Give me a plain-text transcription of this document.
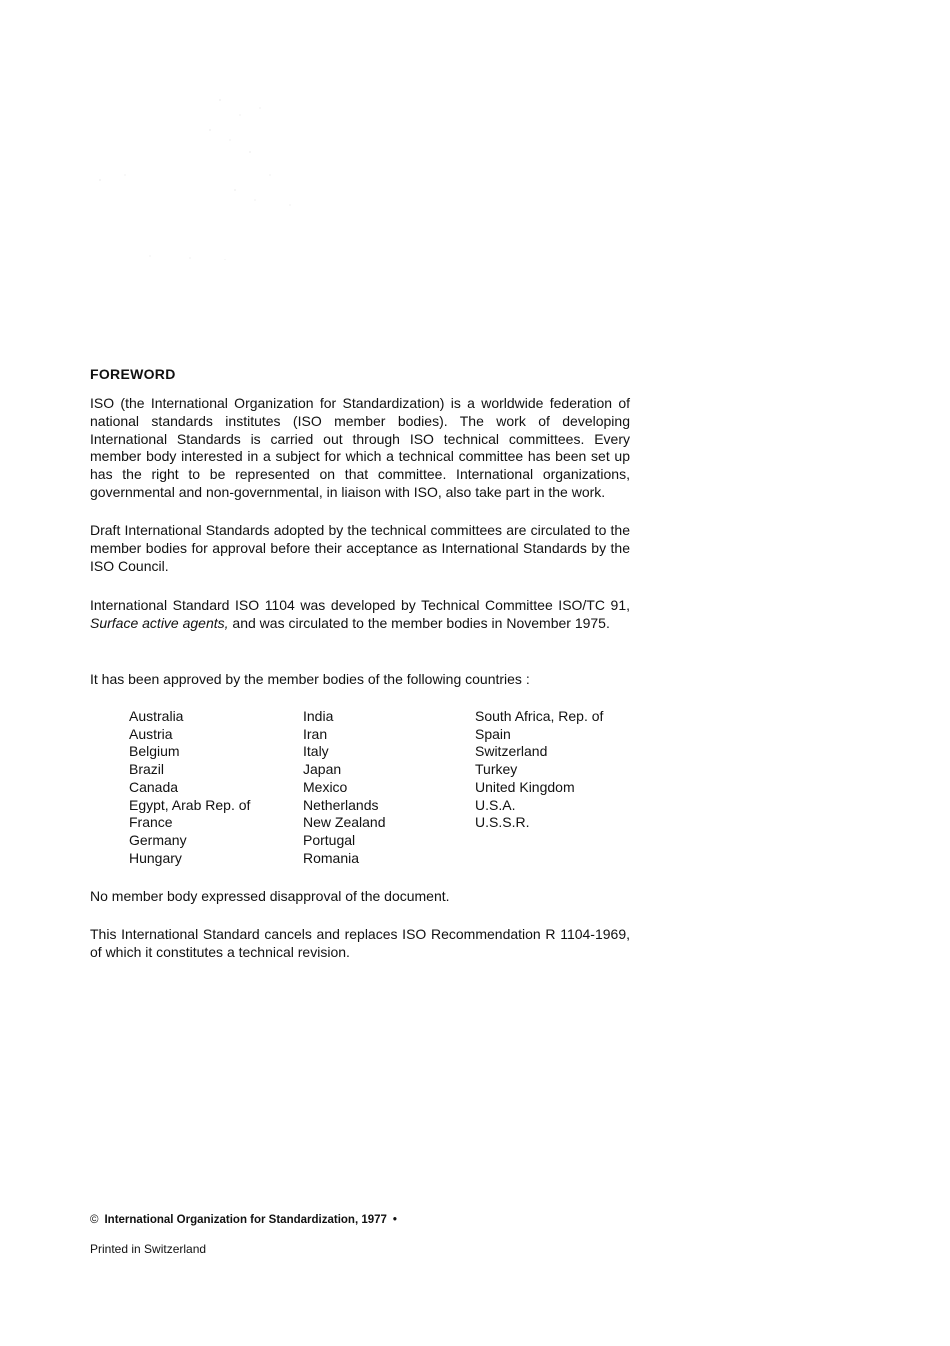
FOREWORD
ISO (the International Organization for Standardization) is a worldwide federation of national standards institutes (ISO member bodies). The work of developing International Standards is carried out through ISO technical committees. Every member body interested in a subject for which a technical committee has been set up has the right to be represented on that committee. International organizations, governmental and non-governmental, in liaison with ISO, also take part in the work.
Draft International Standards adopted by the technical committees are circulated to the member bodies for approval before their acceptance as International Standards by the ISO Council.
International Standard ISO 1104 was developed by Technical Committee ISO/TC 91, Surface active agents, and was circulated to the member bodies in November 1975.
It has been approved by the member bodies of the following countries :
Australia
Austria
Belgium
Brazil
Canada
Egypt, Arab Rep. of
France
Germany
Hungary
India
Iran
Italy
Japan
Mexico
Netherlands
New Zealand
Portugal
Romania
South Africa, Rep. of
Spain
Switzerland
Turkey
United Kingdom
U.S.A.
U.S.S.R.
No member body expressed disapproval of the document.
This International Standard cancels and replaces ISO Recommendation R 1104-1969, of which it constitutes a technical revision.
© International Organization for Standardization, 1977 •
Printed in Switzerland
